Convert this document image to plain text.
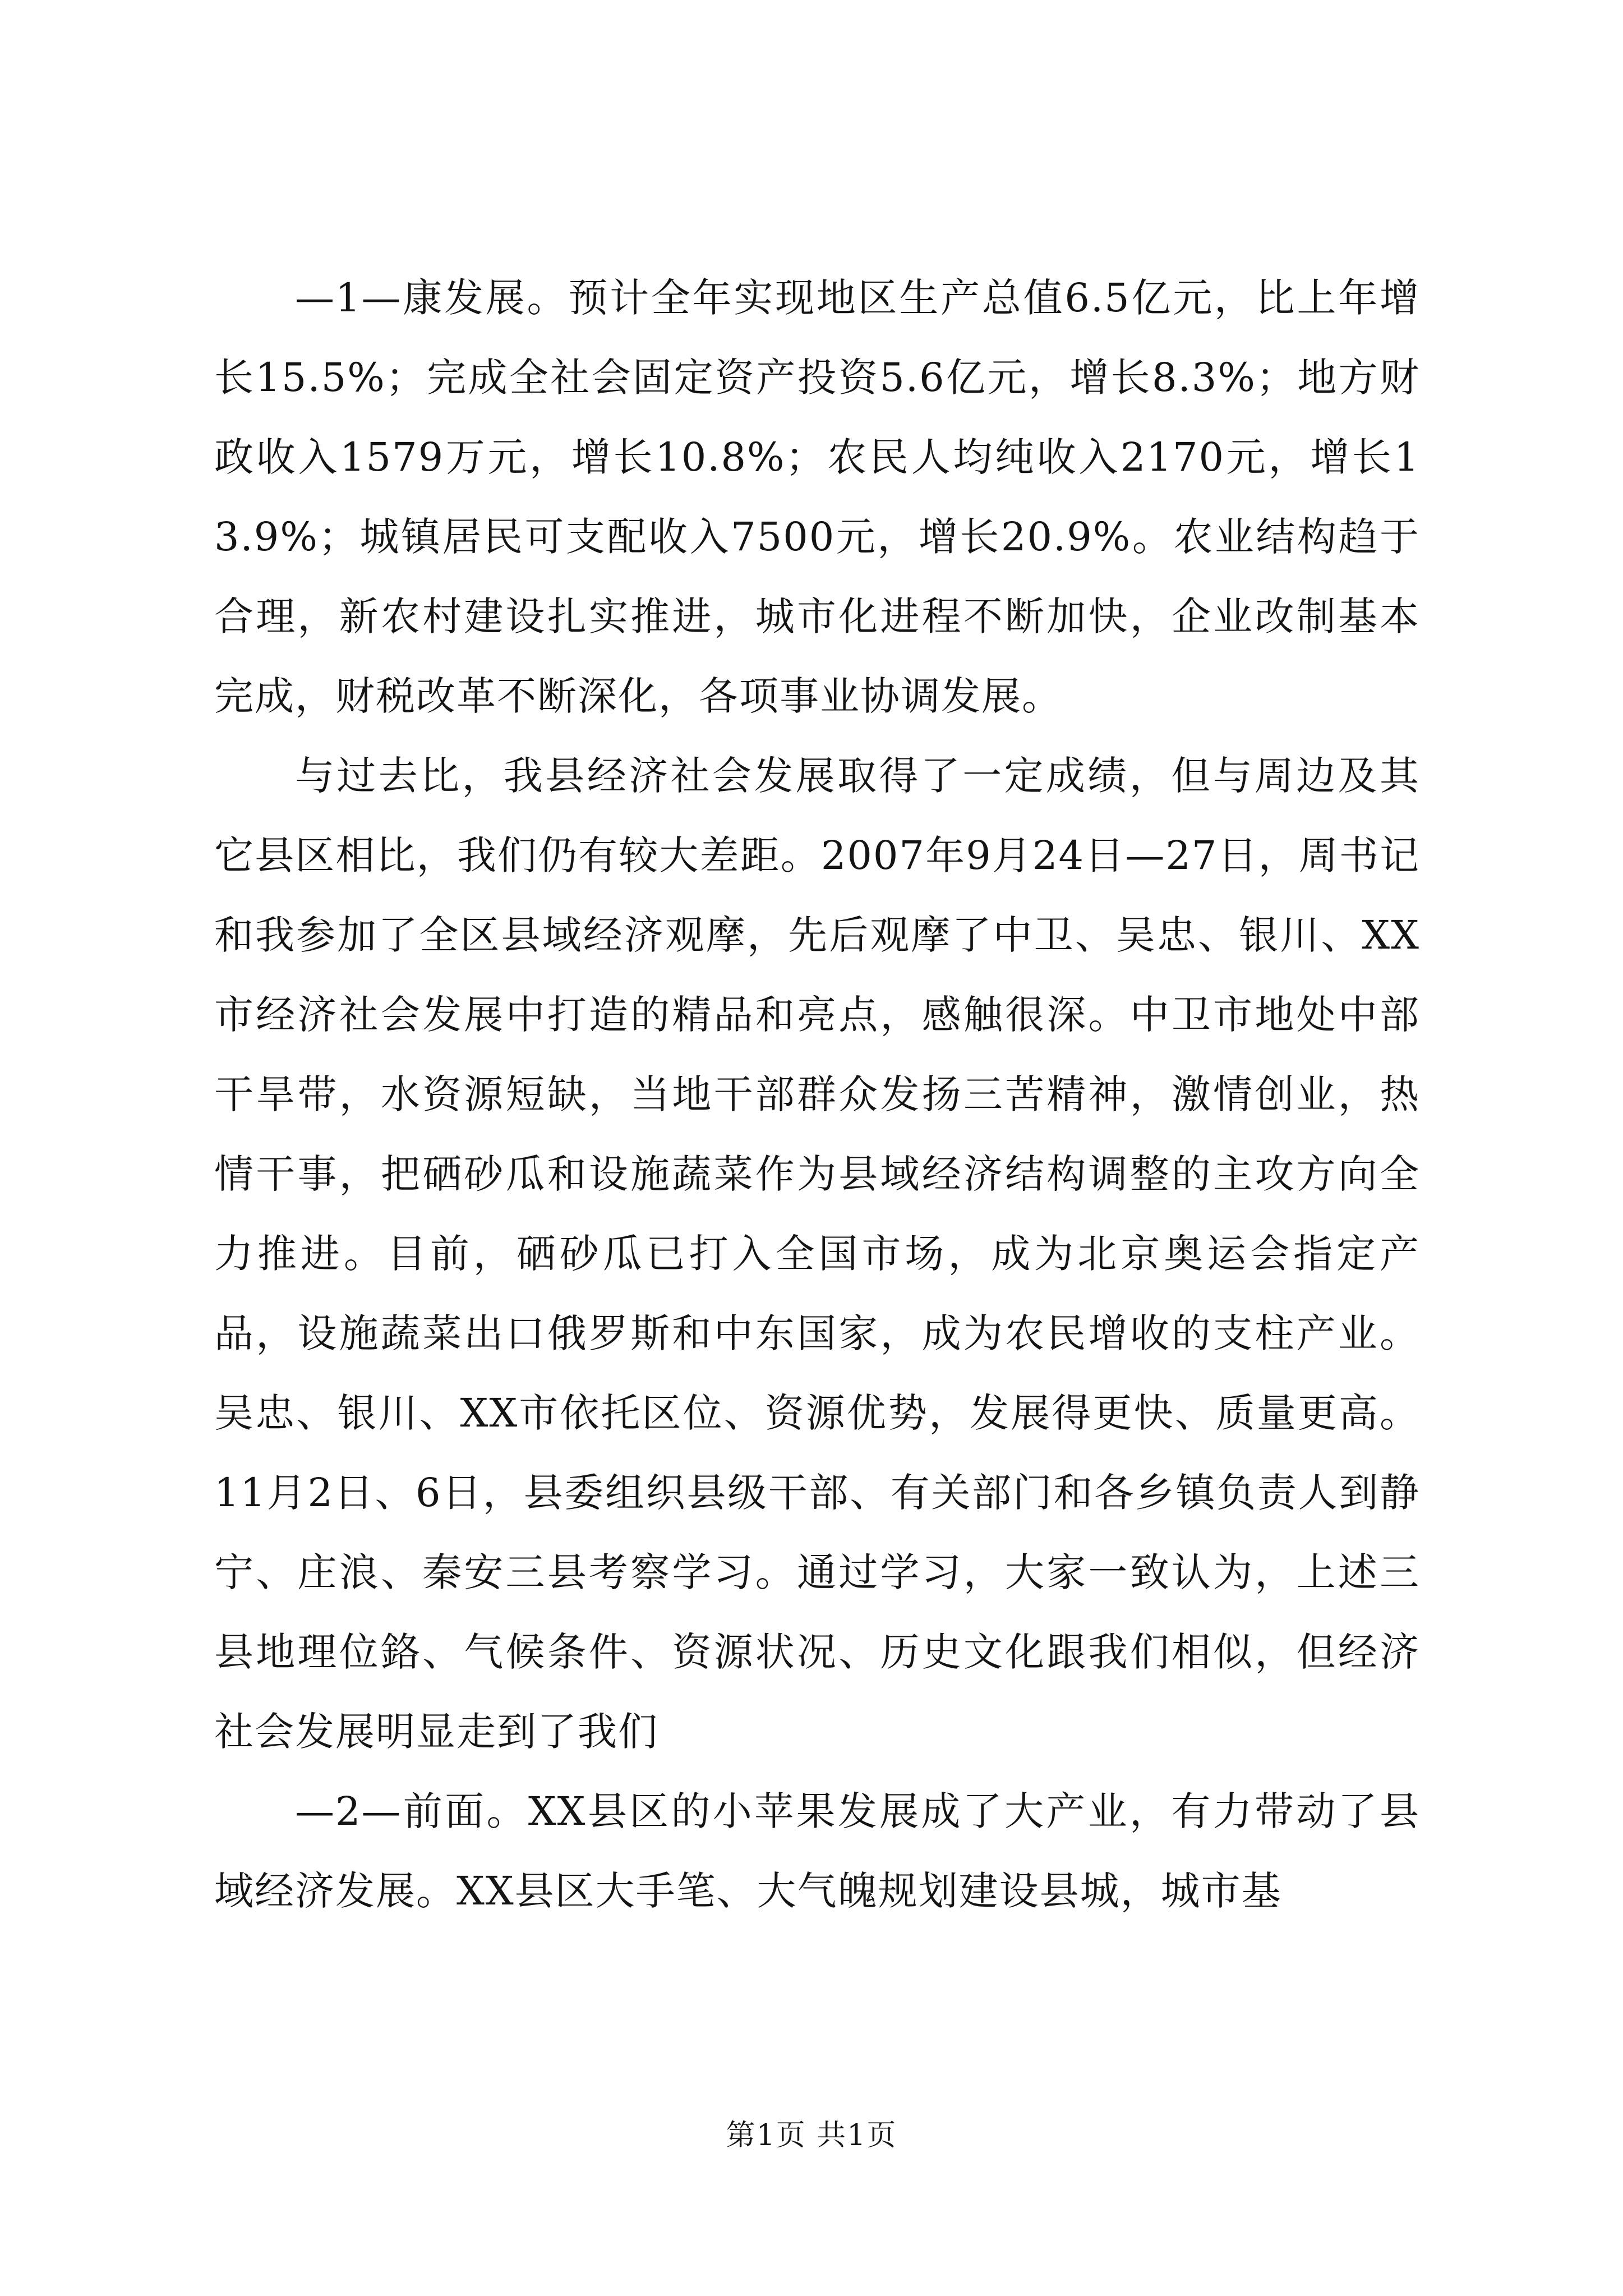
—1—康发展。预计全年实现地区生产总值6.5亿元，比上年增长15.5%；完成全社会固定资产投资5.6亿元，增长8.3%；地方财政收入1579万元，增长10.8%；农民人均纯收入2170元，增长13.9%；城镇居民可支配收入7500元，增长20.9%。农业结构趋于合理，新农村建设扎实推进，城市化进程不断加快，企业改制基本完成，财税改革不断深化，各项事业协调发展。

与过去比，我县经济社会发展取得了一定成绩，但与周边及其它县区相比，我们仍有较大差距。2007年9月24日—27日，周书记和我参加了全区县域经济观摩，先后观摩了中卫、吴忠、银川、XX市经济社会发展中打造的精品和亮点，感触很深。中卫市地处中部干旱带，水资源短缺，当地干部群众发扬三苦精神，激情创业，热情干事，把硒砂瓜和设施蔬菜作为县域经济结构调整的主攻方向全力推进。目前，硒砂瓜已打入全国市场，成为北京奥运会指定产品，设施蔬菜出口俄罗斯和中东国家，成为农民增收的支柱产业。吴忠、银川、XX市依托区位、资源优势，发展得更快、质量更高。11月2日、6日，县委组织县级干部、有关部门和各乡镇负责人到静宁、庄浪、秦安三县考察学习。通过学习，大家一致认为，上述三县地理位鉻、气候条件、资源状况、历史文化跟我们相似，但经济社会发展明显走到了我们

—2—前面。XX县区的小苹果发展成了大产业，有力带动了县域经济发展。XX县区大手笔、大气魄规划建设县城，城市基

第1页 共1页
